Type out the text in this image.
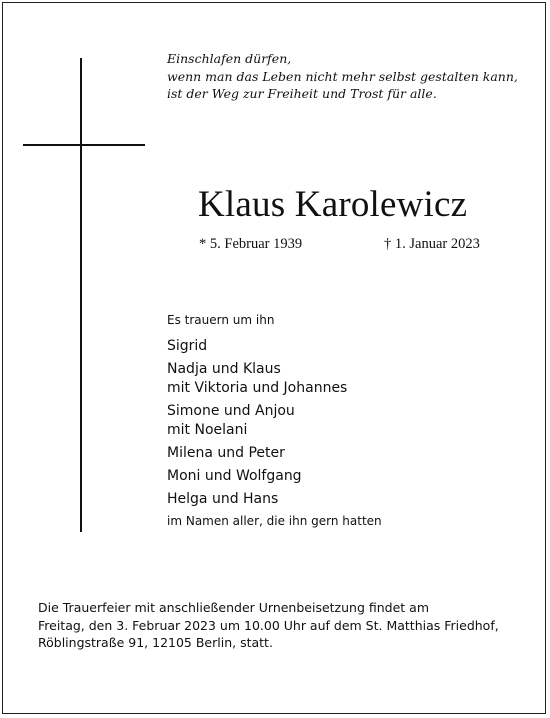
Einschlafen dürfen,
wenn man das Leben nicht mehr selbst gestalten kann,
ist der Weg zur Freiheit und Trost für alle.
Klaus Karolewicz
* 5. Februar 1939	† 1. Januar 2023
Es trauern um ihn
Sigrid
Nadja und Klaus
mit Viktoria und Johannes
Simone und Anjou
mit Noelani
Milena und Peter
Moni und Wolfgang
Helga und Hans
im Namen aller, die ihn gern hatten
Die Trauerfeier mit anschließender Urnenbeisetzung findet am
Freitag, den 3. Februar 2023 um 10.00 Uhr auf dem St. Matthias Friedhof,
Röblingstraße 91, 12105 Berlin, statt.
